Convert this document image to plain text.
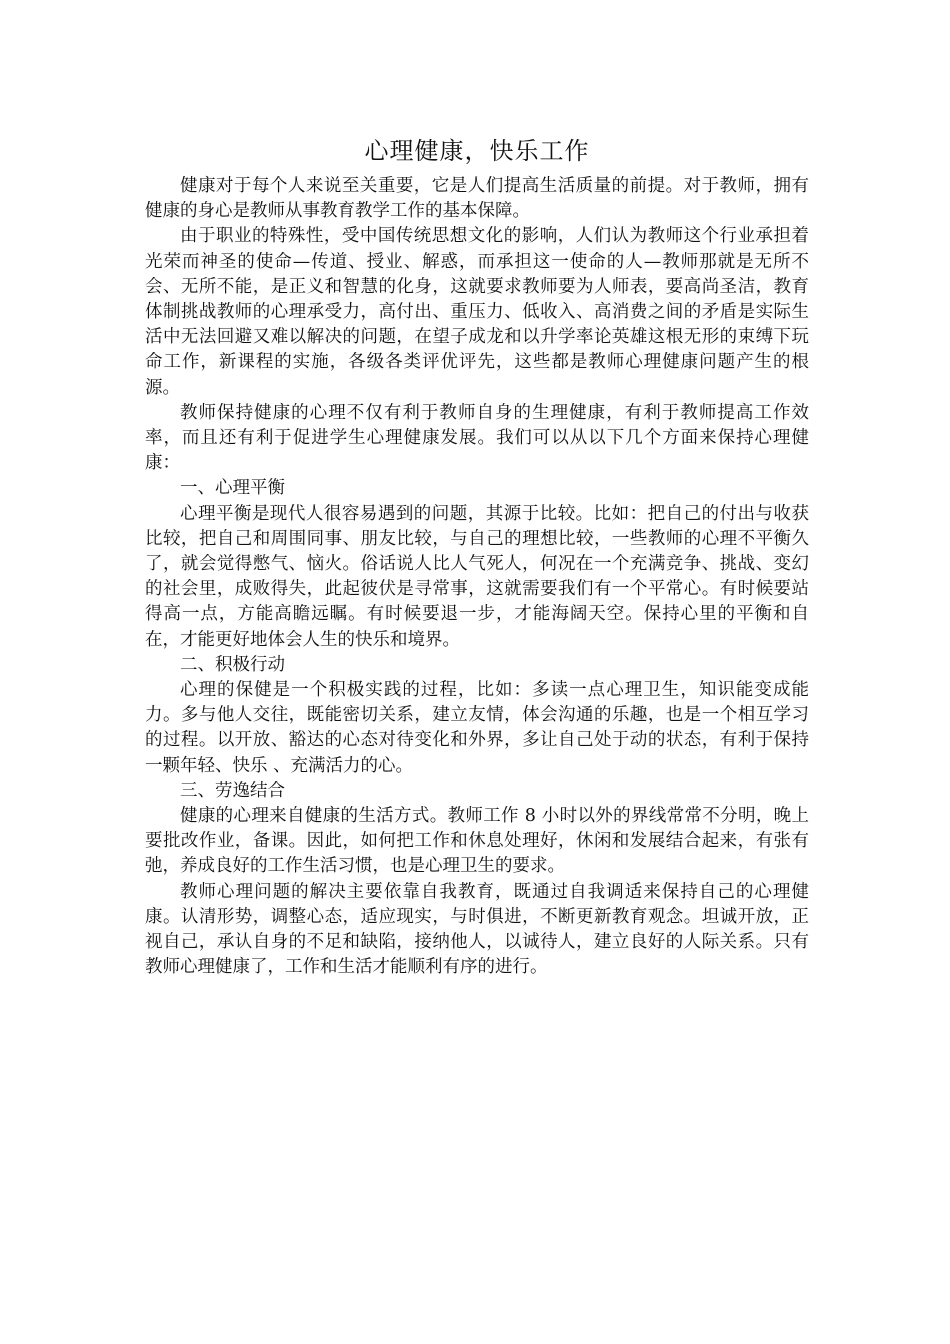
心理健康，快乐工作

健康对于每个人来说至关重要，它是人们提高生活质量的前提。对于教师，拥有健康的身心是教师从事教育教学工作的基本保障。

由于职业的特殊性，受中国传统思想文化的影响，人们认为教师这个行业承担着光荣而神圣的使命—传道、授业、解惑，而承担这一使命的人—教师那就是无所不会、无所不能，是正义和智慧的化身，这就要求教师要为人师表，要高尚圣洁，教育体制挑战教师的心理承受力，高付出、重压力、低收入、高消费之间的矛盾是实际生活中无法回避又难以解决的问题，在望子成龙和以升学率论英雄这根无形的束缚下玩命工作，新课程的实施，各级各类评优评先，这些都是教师心理健康问题产生的根源。

教师保持健康的心理不仅有利于教师自身的生理健康，有利于教师提高工作效率，而且还有利于促进学生心理健康发展。我们可以从以下几个方面来保持心理健康：

一、心理平衡

心理平衡是现代人很容易遇到的问题，其源于比较。比如：把自己的付出与收获比较，把自己和周围同事、朋友比较，与自己的理想比较，一些教师的心理不平衡久了，就会觉得憋气、恼火。俗话说人比人气死人，何况在一个充满竞争、挑战、变幻的社会里，成败得失，此起彼伏是寻常事，这就需要我们有一个平常心。有时候要站得高一点，方能高瞻远瞩。有时候要退一步，才能海阔天空。保持心里的平衡和自在，才能更好地体会人生的快乐和境界。

二、积极行动

心理的保健是一个积极实践的过程，比如：多读一点心理卫生，知识能变成能力。多与他人交往，既能密切关系，建立友情，体会沟通的乐趣，也是一个相互学习的过程。以开放、豁达的心态对待变化和外界，多让自己处于动的状态，有利于保持一颗年轻、快乐 、充满活力的心。

三、劳逸结合

健康的心理来自健康的生活方式。教师工作 8 小时以外的界线常常不分明，晚上要批改作业，备课。因此，如何把工作和休息处理好，休闲和发展结合起来，有张有弛，养成良好的工作生活习惯，也是心理卫生的要求。

教师心理问题的解决主要依靠自我教育，既通过自我调适来保持自己的心理健康。认清形势，调整心态，适应现实，与时俱进，不断更新教育观念。坦诚开放，正视自己，承认自身的不足和缺陷，接纳他人，以诚待人，建立良好的人际关系。只有教师心理健康了，工作和生活才能顺利有序的进行。
